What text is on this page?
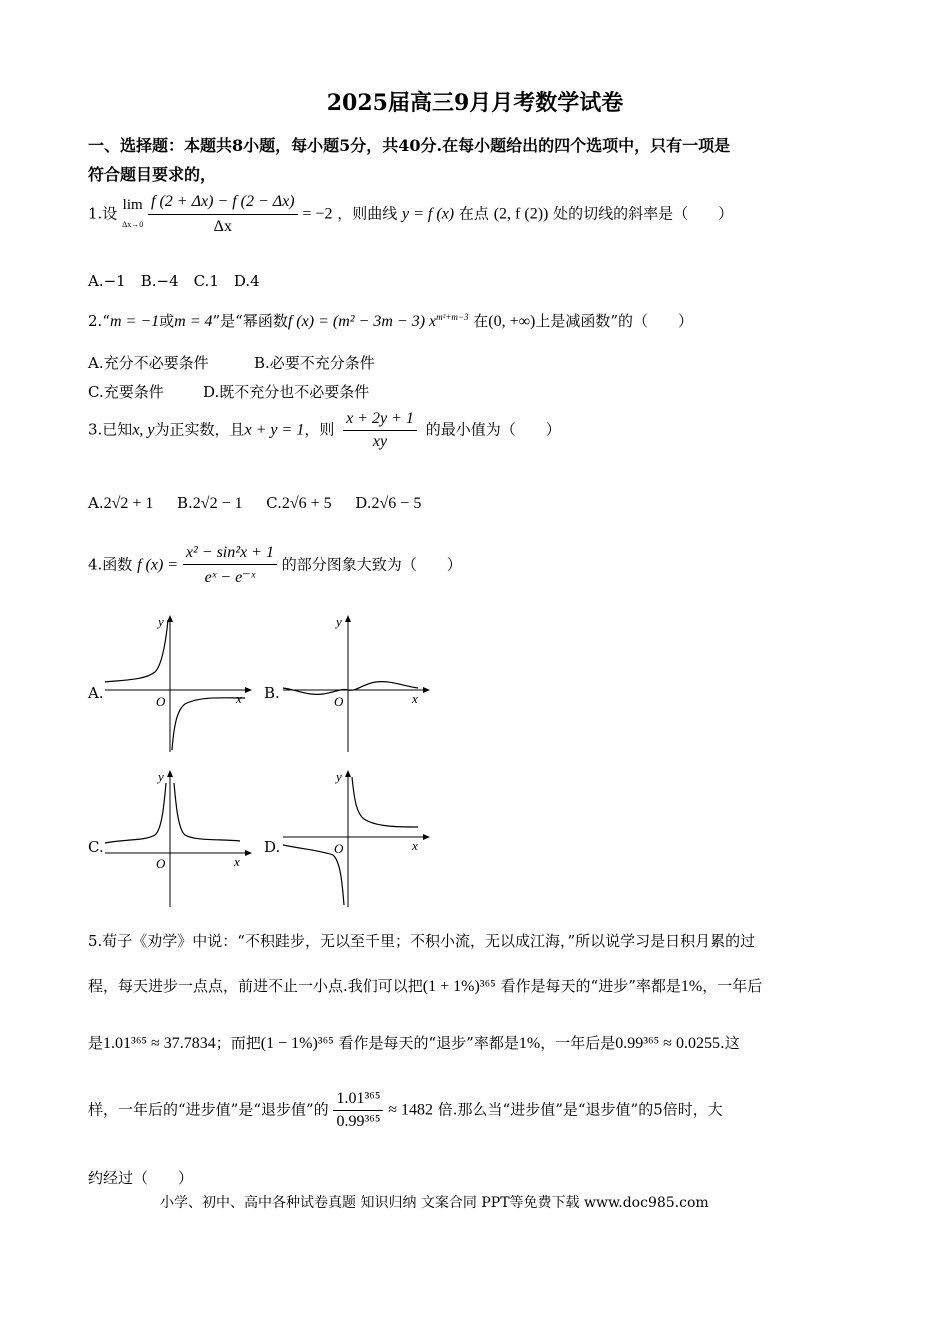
2025届高三9月月考数学试卷
一、选择题：本题共8小题，每小题5分，共40分.在每小题给出的四个选项中，只有一项是
符合题目要求的，
1.设 lim
Δx→0
$\frac{f (2 + \Delta x) - f (2 - \Delta x)}{\Delta x} = -2$ ，则曲线 y = f (x) 在点 (2, f (2)) 处的切线的斜率是（　　）
A.−1　B.−4　C.1　D.4
2.“m = −1或m = 4”是“幂函数f (x) = (m² − 3m − 3) $x^{m^2+m-3}$ 在(0, +∞)上是减函数”的（　　）
A.充分不必要条件	B.必要不充分条件
C.充要条件	D.既不充分也不必要条件
3.已知x, y为正实数，且x + y = 1，则 $\frac{x + 2y + 1}{xy}$ 的最小值为（　　）
A.2√2 + 1 B.2√2 − 1 C.2√6 + 5 D.2√6 − 5
4.函数 f $(x) = \frac{\text{x² − sin²x + 1}}{\text{eˣ − e⁻ˣ}}$ 的部分图象大致为（　　）
A.	B.
C.	D.
O	x
y
O	x
y
O	x
y
O	x
y
5.荀子《劝学》中说：“不积跬步，无以至千里；不积小流，无以成江海，”所以说学习是日积月累的过
程，每天进步一点点，前进不止一小点.我们可以把(1 + 1%)³⁶⁵ 看作是每天的“进步”率都是1%，一年后
是1.01³⁶⁵ ≈ 37.7834；而把(1 − 1%)³⁶⁵ 看作是每天的“退步”率都是1%，一年后是0.99³⁶⁵ ≈ 0.0255.这
样，一年后的“进步值”是“退步值”的 $\frac{\text{1.01³⁶⁵}}{\text{0.99³⁶⁵}} \approx 1482$ 倍.那么当“进步值”是“退步值”的5倍时，大
约经过（　　）
小学、初中、高中各种试卷真题 知识归纳 文案合同 PPT等免费下载 www.doc985.com
